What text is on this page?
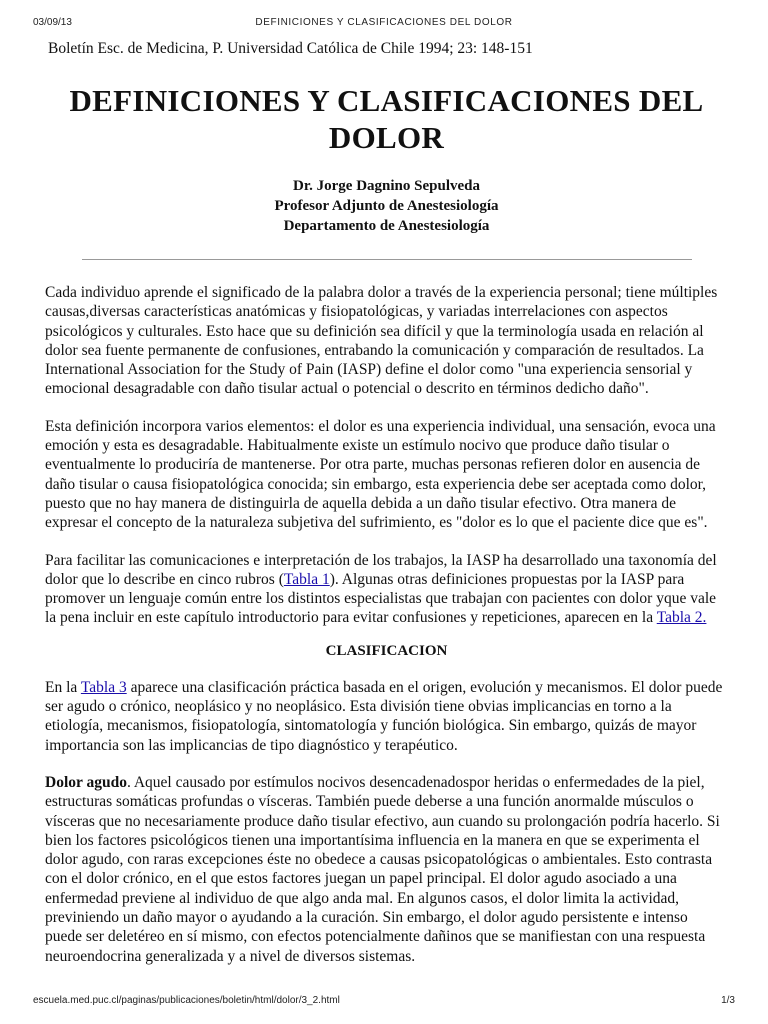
03/09/13	DEFINICIONES Y CLASIFICACIONES DEL DOLOR
Boletín Esc. de Medicina, P. Universidad Católica de Chile 1994; 23: 148-151
DEFINICIONES Y CLASIFICACIONES DEL DOLOR
Dr. Jorge Dagnino Sepulveda
Profesor Adjunto de Anestesiología
Departamento de Anestesiología

Cada individuo aprende el significado de la palabra dolor a través de la experiencia personal; tiene múltiples causas,diversas características anatómicas y fisiopatológicas, y variadas interrelaciones con aspectos psicológicos y culturales. Esto hace que su definición sea difícil y que la terminología usada en relación al dolor sea fuente permanente de confusiones, entrabando la comunicación y comparación de resultados. La International Association for the Study of Pain (IASP) define el dolor como "una experiencia sensorial y emocional desagradable con daño tisular actual o potencial o descrito en términos dedicho daño".

Esta definición incorpora varios elementos: el dolor es una experiencia individual, una sensación, evoca una emoción y esta es desagradable. Habitualmente existe un estímulo nocivo que produce daño tisular o eventualmente lo produciría de mantenerse. Por otra parte, muchas personas refieren dolor en ausencia de daño tisular o causa fisiopatológica conocida; sin embargo, esta experiencia debe ser aceptada como dolor, puesto que no hay manera de distinguirla de aquella debida a un daño tisular efectivo. Otra manera de expresar el concepto de la naturaleza subjetiva del sufrimiento, es "dolor es lo que el paciente dice que es".

Para facilitar las comunicaciones e interpretación de los trabajos, la IASP ha desarrollado una taxonomía del dolor que lo describe en cinco rubros (Tabla 1). Algunas otras definiciones propuestas por la IASP para promover un lenguaje común entre los distintos especialistas que trabajan con pacientes con dolor yque vale la pena incluir en este capítulo introductorio para evitar confusiones y repeticiones, aparecen en la Tabla 2.

CLASIFICACION

En la Tabla 3 aparece una clasificación práctica basada en el origen, evolución y mecanismos. El dolor puede ser agudo o crónico, neoplásico y no neoplásico. Esta división tiene obvias implicancias en torno a la etiología, mecanismos, fisiopatología, sintomatología y función biológica. Sin embargo, quizás de mayor importancia son las implicancias de tipo diagnóstico y terapéutico.

Dolor agudo. Aquel causado por estímulos nocivos desencadenadospor heridas o enfermedades de la piel, estructuras somáticas profundas o vísceras. También puede deberse a una función anormalde músculos o vísceras que no necesariamente produce daño tisular efectivo, aun cuando su prolongación podría hacerlo. Si bien los factores psicológicos tienen una importantísima influencia en la manera en que se experimenta el dolor agudo, con raras excepciones éste no obedece a causas psicopatológicas o ambientales. Esto contrasta con el dolor crónico, en el que estos factores juegan un papel principal. El dolor agudo asociado a una enfermedad previene al individuo de que algo anda mal. En algunos casos, el dolor limita la actividad, previniendo un daño mayor o ayudando a la curación. Sin embargo, el dolor agudo persistente e intenso puede ser deletéreo en sí mismo, con efectos potencialmente dañinos que se manifiestan con una respuesta neuroendocrina generalizada y a nivel de diversos sistemas.

escuela.med.puc.cl/paginas/publicaciones/boletin/html/dolor/3_2.html	1/3
